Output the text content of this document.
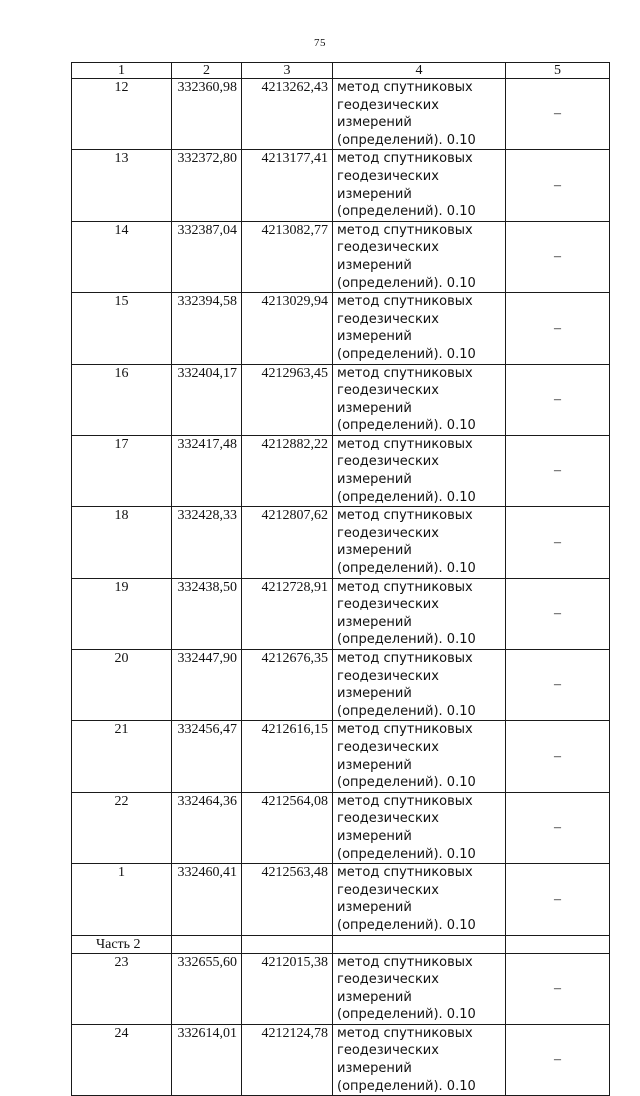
75
1	2	3	4	5
12	332360,98	4213262,43	метод спутниковых геодезических измерений (определений). 0.10	–
13	332372,80	4213177,41	метод спутниковых геодезических измерений (определений). 0.10	–
14	332387,04	4213082,77	метод спутниковых геодезических измерений (определений). 0.10	–
15	332394,58	4213029,94	метод спутниковых геодезических измерений (определений). 0.10	–
16	332404,17	4212963,45	метод спутниковых геодезических измерений (определений). 0.10	–
17	332417,48	4212882,22	метод спутниковых геодезических измерений (определений). 0.10	–
18	332428,33	4212807,62	метод спутниковых геодезических измерений (определений). 0.10	–
19	332438,50	4212728,91	метод спутниковых геодезических измерений (определений). 0.10	–
20	332447,90	4212676,35	метод спутниковых геодезических измерений (определений). 0.10	–
21	332456,47	4212616,15	метод спутниковых геодезических измерений (определений). 0.10	–
22	332464,36	4212564,08	метод спутниковых геодезических измерений (определений). 0.10	–
1	332460,41	4212563,48	метод спутниковых геодезических измерений (определений). 0.10	–
Часть 2				
23	332655,60	4212015,38	метод спутниковых геодезических измерений (определений). 0.10	–
24	332614,01	4212124,78	метод спутниковых геодезических измерений (определений). 0.10	–
